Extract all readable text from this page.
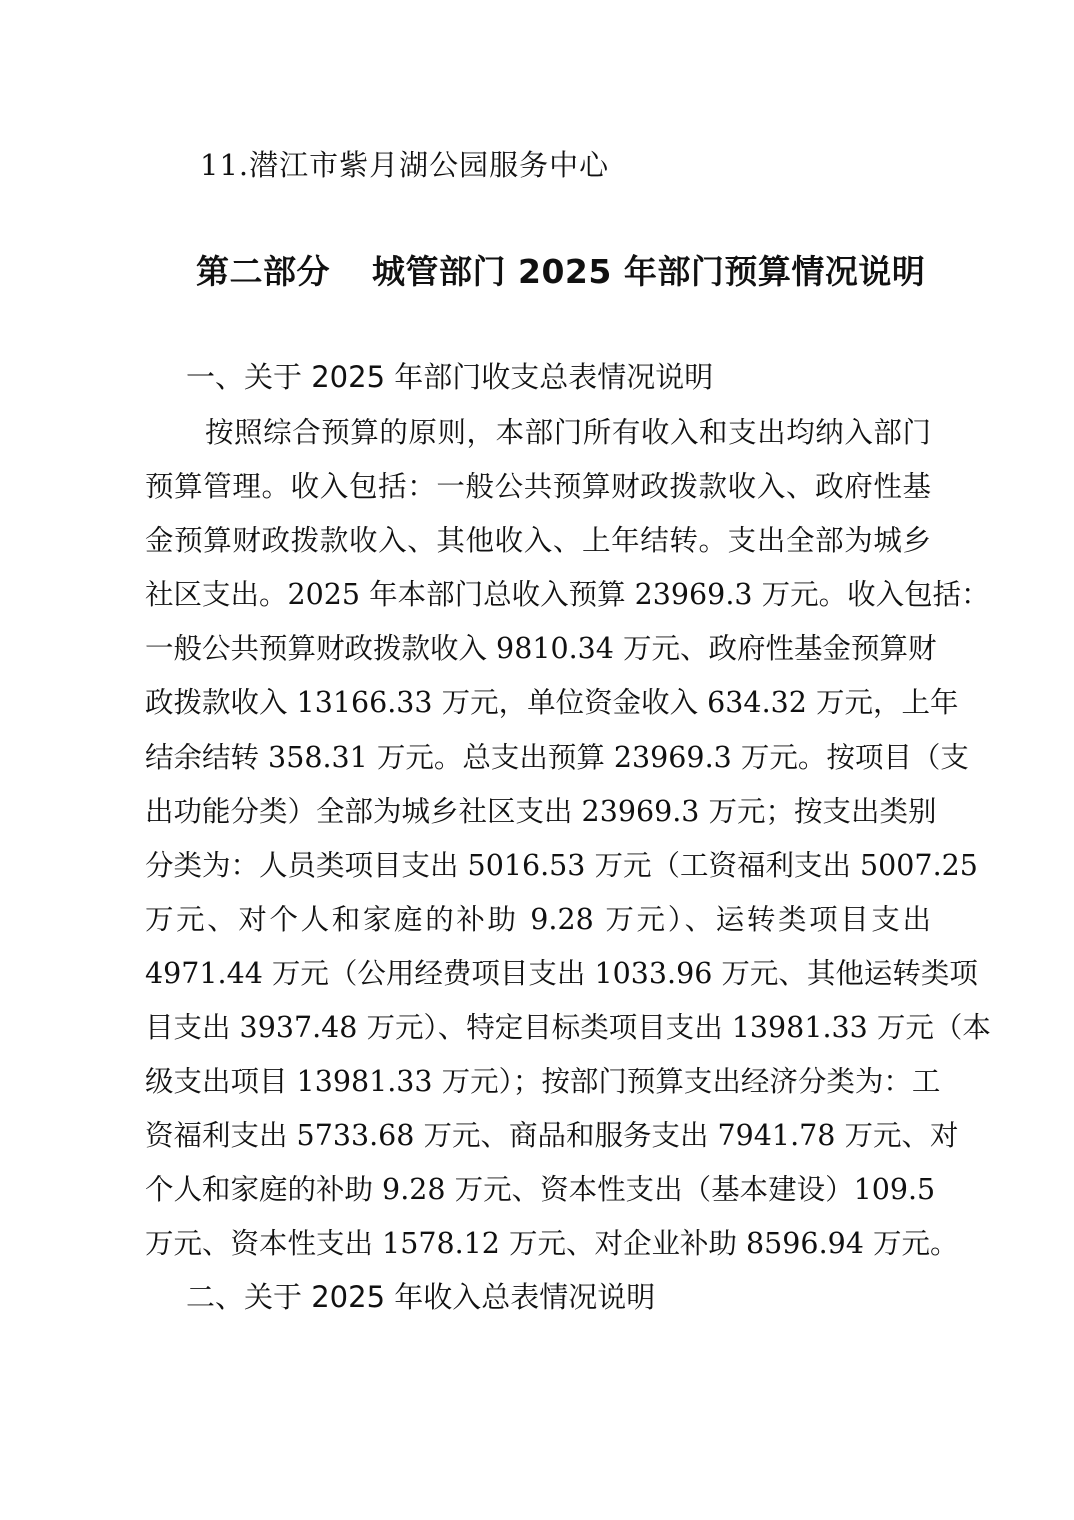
11.潜江市紫月湖公园服务中心
第二部分 城管部门 2025 年部门预算情况说明
一、关于 2025 年部门收支总表情况说明
按照综合预算的原则，本部门所有收入和支出均纳入部门
预算管理。收入包括：一般公共预算财政拨款收入、政府性基
金预算财政拨款收入、其他收入、上年结转。支出全部为城乡
社区支出。2025 年本部门总收入预算 23969.3 万元。收入包括：
一般公共预算财政拨款收入 9810.34 万元、政府性基金预算财
政拨款收入 13166.33 万元，单位资金收入 634.32 万元，上年
结余结转 358.31 万元。总支出预算 23969.3 万元。按项目（支
出功能分类）全部为城乡社区支出 23969.3 万元；按支出类别
分类为：人员类项目支出 5016.53 万元（工资福利支出 5007.25
万元、对个人和家庭的补助 9.28 万元）、运转类项目支出
4971.44 万元（公用经费项目支出 1033.96 万元、其他运转类项
目支出 3937.48 万元）、特定目标类项目支出 13981.33 万元（本
级支出项目 13981.33 万元）；按部门预算支出经济分类为：工
资福利支出 5733.68 万元、商品和服务支出 7941.78 万元、对
个人和家庭的补助 9.28 万元、资本性支出（基本建设）109.5
万元、资本性支出 1578.12 万元、对企业补助 8596.94 万元。
二、关于 2025 年收入总表情况说明
